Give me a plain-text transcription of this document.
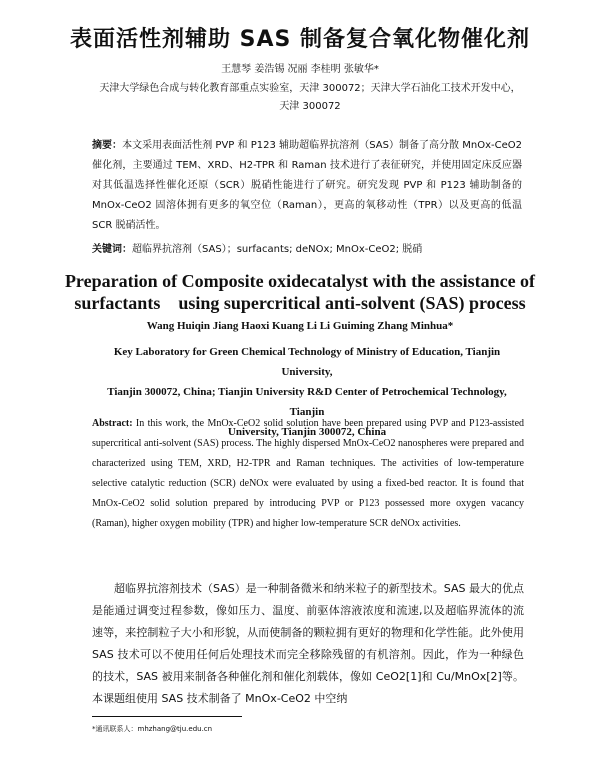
表面活性剂辅助 SAS 制备复合氧化物催化剂
王慧琴 姜浩锡 况丽 李桂明 张敏华*
天津大学绿色合成与转化教育部重点实验室，天津 300072；天津大学石油化工技术开发中心，
天津 300072
摘要：本文采用表面活性剂 PVP 和 P123 辅助超临界抗溶剂（SAS）制备了高分散 MnOx-CeO2 催化剂，主要通过 TEM、XRD、H2-TPR 和 Raman 技术进行了表征研究，并使用固定床反应器对其低温选择性催化还原（SCR）脱硝性能进行了研究。研究发现 PVP 和 P123 辅助制备的 MnOx-CeO2 固溶体拥有更多的氧空位（Raman），更高的氧移动性（TPR）以及更高的低温 SCR 脱硝活性。
关键词：超临界抗溶剂（SAS）；surfacants; deNOx; MnOx-CeO2; 脱硝
Preparation of Composite oxidecatalyst with the assistance of
surfactants    using supercritical anti-solvent (SAS) process
Wang Huiqin Jiang Haoxi Kuang Li Li Guiming Zhang Minhua*
Key Laboratory for Green Chemical Technology of Ministry of Education, Tianjin University,
Tianjin 300072, China; Tianjin University R&D Center of Petrochemical Technology, Tianjin
University, Tianjin 300072, China
Abstract: In this work, the MnOx-CeO2 solid solution have been prepared using PVP and P123-assisted supercritical anti-solvent (SAS) process. The highly dispersed MnOx-CeO2 nanospheres were prepared and characterized using TEM, XRD, H2-TPR and Raman techniques. The activities of low-temperature selective catalytic reduction (SCR) deNOx were evaluated by using a fixed-bed reactor. It is found that MnOx-CeO2 solid solution prepared by introducing PVP or P123 possessed more oxygen vacancy (Raman), higher oxygen mobility (TPR) and higher low-temperature SCR deNOx activities.

超临界抗溶剂技术（SAS）是一种制备微米和纳米粒子的新型技术。SAS 最大的优点是能通过调变过程参数，像如压力、温度、前驱体溶液浓度和流速,以及超临界流体的流速等，来控制粒子大小和形貌，从而使制备的颗粒拥有更好的物理和化学性能。此外使用 SAS 技术可以不使用任何后处理技术而完全移除残留的有机溶剂。因此，作为一种绿色的技术，SAS 被用来制备各种催化剂和催化剂载体，像如 CeO2[1]和 Cu/MnOx[2]等。本课题组使用 SAS 技术制备了 MnOx-CeO2 中空纳

*通讯联系人：mhzhang@tju.edu.cn
